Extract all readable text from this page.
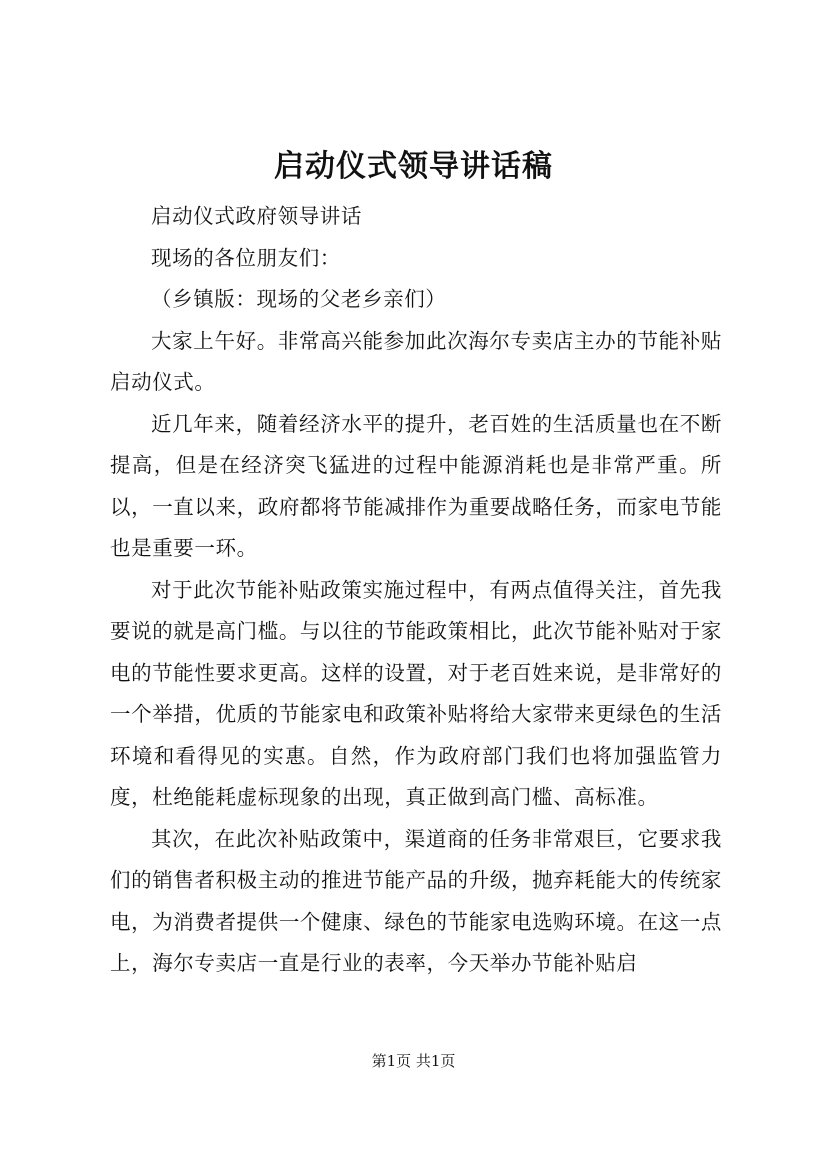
启动仪式领导讲话稿

启动仪式政府领导讲话

现场的各位朋友们：

（乡镇版：现场的父老乡亲们）

大家上午好。非常高兴能参加此次海尔专卖店主办的节能补贴启动仪式。

近几年来，随着经济水平的提升，老百姓的生活质量也在不断提高，但是在经济突飞猛进的过程中能源消耗也是非常严重。所以，一直以来，政府都将节能减排作为重要战略任务，而家电节能也是重要一环。

对于此次节能补贴政策实施过程中，有两点值得关注，首先我要说的就是高门槛。与以往的节能政策相比，此次节能补贴对于家电的节能性要求更高。这样的设置，对于老百姓来说，是非常好的一个举措，优质的节能家电和政策补贴将给大家带来更绿色的生活环境和看得见的实惠。自然，作为政府部门我们也将加强监管力度，杜绝能耗虚标现象的出现，真正做到高门槛、高标准。

其次，在此次补贴政策中，渠道商的任务非常艰巨，它要求我们的销售者积极主动的推进节能产品的升级，抛弃耗能大的传统家电，为消费者提供一个健康、绿色的节能家电选购环境。在这一点上，海尔专卖店一直是行业的表率，今天举办节能补贴启

第1页 共1页
